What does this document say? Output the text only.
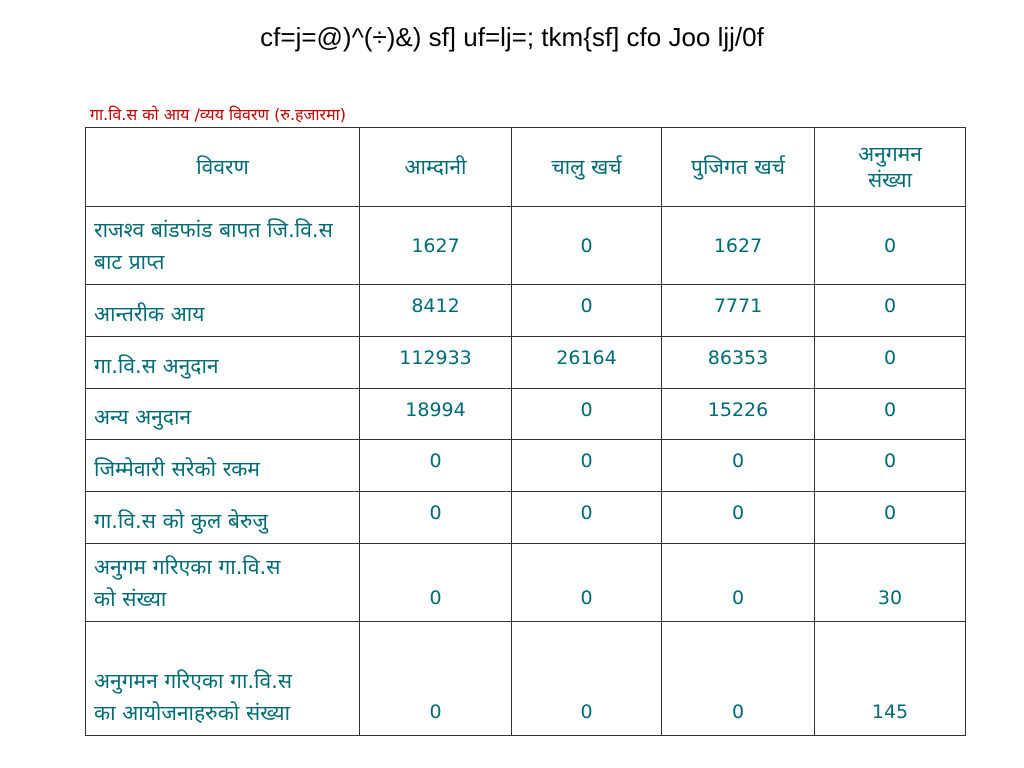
cf=j=@)^(÷)&) sf] uf=lj=; tkm{sf] cfo Joo ljj/0f
गा.वि.स को आय /व्यय विवरण (रु.हजारमा)
विवरण	आम्दानी	चालु खर्च	पुजिगत खर्च	अनुगमन संख्या
राजश्व बांडफांड बापत जि.वि.स बाट प्राप्त	1627	0	1627	0
आन्तरीक आय	8412	0	7771	0
गा.वि.स अनुदान	112933	26164	86353	0
अन्य अनुदान	18994	0	15226	0
जिम्मेवारी सरेको रकम	0	0	0	0
गा.वि.स को कुल बेरुजु	0	0	0	0
अनुगम गरिएका गा.वि.स को संख्या	0	0	0	30
अनुगमन गरिएका गा.वि.स का आयोजनाहरुको संख्या	0	0	0	145
